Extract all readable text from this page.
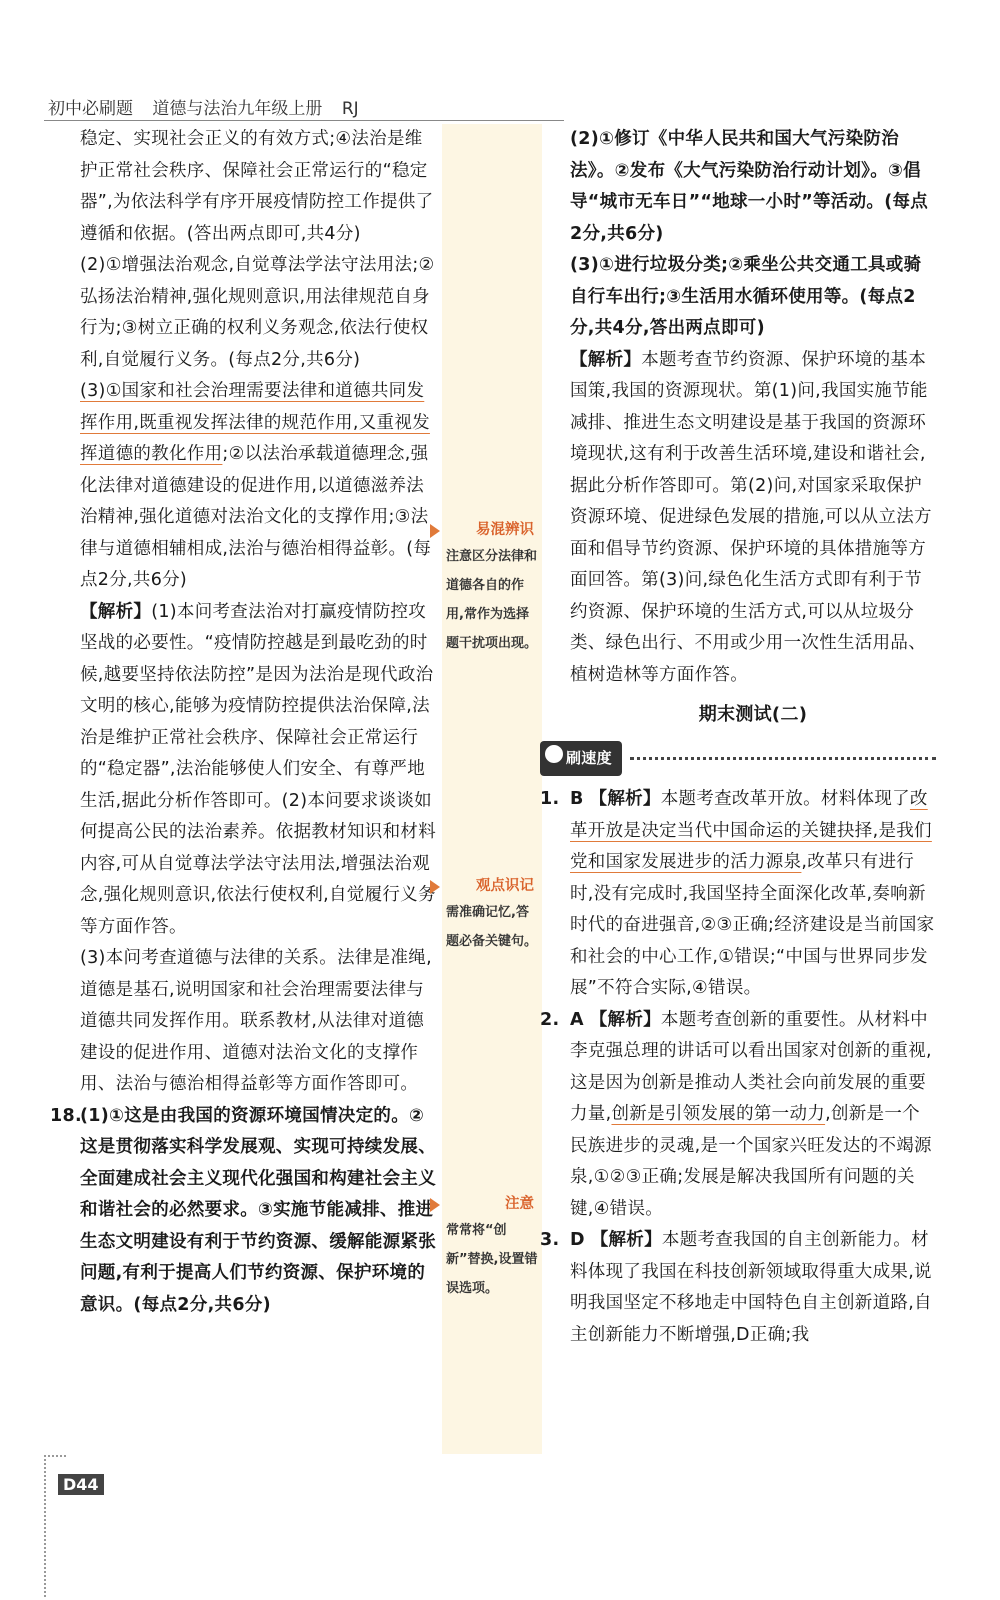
初中必刷题 道德与法治九年级上册 RJ

稳定、实现社会正义的有效方式;④法治是维护正常社会秩序、保障社会正常运行的“稳定器”,为依法科学有序开展疫情防控工作提供了遵循和依据。(答出两点即可,共4分)

(2)①增强法治观念,自觉尊法学法守法用法;②弘扬法治精神,强化规则意识,用法律规范自身行为;③树立正确的权利义务观念,依法行使权利,自觉履行义务。(每点2分,共6分)

(3)①国家和社会治理需要法律和道德共同发挥作用,既重视发挥法律的规范作用,又重视发挥道德的教化作用;②以法治承载道德理念,强化法律对道德建设的促进作用,以道德滋养法治精神,强化道德对法治文化的支撑作用;③法律与道德相辅相成,法治与德治相得益彰。(每点2分,共6分)

【解析】(1)本问考查法治对打赢疫情防控攻坚战的必要性。“疫情防控越是到最吃劲的时候,越要坚持依法防控”是因为法治是现代政治文明的核心,能够为疫情防控提供法治保障,法治是维护正常社会秩序、保障社会正常运行的“稳定器”,法治能够使人们安全、有尊严地生活,据此分析作答即可。(2)本问要求谈谈如何提高公民的法治素养。依据教材知识和材料内容,可从自觉尊法学法守法用法,增强法治观念,强化规则意识,依法行使权利,自觉履行义务等方面作答。

(3)本问考查道德与法律的关系。法律是准绳,道德是基石,说明国家和社会治理需要法律与道德共同发挥作用。联系教材,从法律对道德建设的促进作用、道德对法治文化的支撑作用、法治与德治相得益彰等方面作答即可。

18.(1)①这是由我国的资源环境国情决定的。②这是贯彻落实科学发展观、实现可持续发展、全面建成社会主义现代化强国和构建社会主义和谐社会的必然要求。③实施节能减排、推进生态文明建设有利于节约资源、缓解能源紧张问题,有利于提高人们节约资源、保护环境的意识。(每点2分,共6分)

易混辨识
注意区分法律和道德各自的作用,常作为选择题干扰项出现。
观点识记
需准确记忆,答题必备关键句。
注意
常常将“创新”替换,设置错误选项。

(2)①修订《中华人民共和国大气污染防治法》。②发布《大气污染防治行动计划》。③倡导“城市无车日”“地球一小时”等活动。(每点2分,共6分)

(3)①进行垃圾分类;②乘坐公共交通工具或骑自行车出行;③生活用水循环使用等。(每点2分,共4分,答出两点即可)

【解析】本题考查节约资源、保护环境的基本国策,我国的资源现状。第(1)问,我国实施节能减排、推进生态文明建设是基于我国的资源环境现状,这有利于改善生活环境,建设和谐社会,据此分析作答即可。第(2)问,对国家采取保护资源环境、促进绿色发展的措施,可以从立法方面和倡导节约资源、保护环境的具体措施等方面回答。第(3)问,绿色化生活方式即有利于节约资源、保护环境的生活方式,可以从垃圾分类、绿色出行、不用或少用一次性生活用品、植树造林等方面作答。

期末测试(二)
刷速度

1. B 【解析】本题考查改革开放。材料体现了改革开放是决定当代中国命运的关键抉择,是我们党和国家发展进步的活力源泉,改革只有进行时,没有完成时,我国坚持全面深化改革,奏响新时代的奋进强音,②③正确;经济建设是当前国家和社会的中心工作,①错误;“中国与世界同步发展”不符合实际,④错误。

2. A 【解析】本题考查创新的重要性。从材料中李克强总理的讲话可以看出国家对创新的重视,这是因为创新是推动人类社会向前发展的重要力量,创新是引领发展的第一动力,创新是一个民族进步的灵魂,是一个国家兴旺发达的不竭源泉,①②③正确;发展是解决我国所有问题的关键,④错误。

3. D 【解析】本题考查我国的自主创新能力。材料体现了我国在科技创新领域取得重大成果,说明我国坚定不移地走中国特色自主创新道路,自主创新能力不断增强,D正确;我

D44
